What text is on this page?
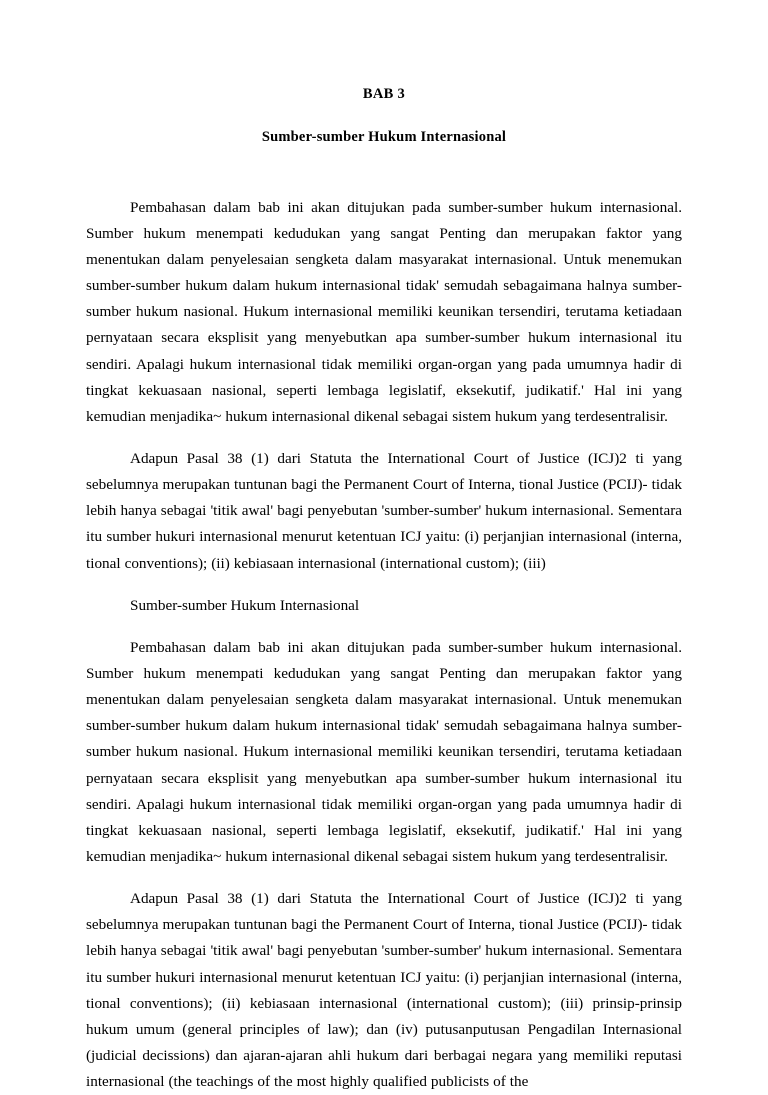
BAB 3
Sumber-sumber Hukum Internasional

Pembahasan dalam bab ini akan ditujukan pada sumber-sumber hukum internasional. Sumber hukum menempati kedudukan yang sangat Penting dan merupakan faktor yang menentukan dalam penyelesaian sengketa dalam masyarakat internasional. Untuk menemukan sumber-sumber hukum dalam hukum internasional tidak' semudah sebagaimana halnya sumber-sumber hukum nasional. Hukum internasional memiliki keunikan tersendiri, terutama ketiadaan pernyataan secara eksplisit yang menyebutkan apa sumber-sumber hukum internasional itu sendiri. Apalagi hukum internasional tidak memiliki organ-organ yang pada umumnya hadir di tingkat kekuasaan nasional, seperti lembaga legislatif, eksekutif, judikatif.' Hal ini yang kemudian menjadika~ hukum internasional dikenal sebagai sistem hukum yang terdesentralisir.

Adapun Pasal 38 (1) dari Statuta the International Court of Justice (ICJ)2 ti yang sebelumnya merupakan tuntunan bagi the Permanent Court of Interna, tional Justice (PCIJ)- tidak lebih hanya sebagai 'titik awal' bagi penyebutan 'sumber-sumber' hukum internasional. Sementara itu sumber hukuri internasional menurut ketentuan ICJ yaitu: (i) perjanjian internasional (interna, tional conventions); (ii) kebiasaan internasional (international custom); (iii)

Sumber-sumber Hukum Internasional

Pembahasan dalam bab ini akan ditujukan pada sumber-sumber hukum internasional. Sumber hukum menempati kedudukan yang sangat Penting dan merupakan faktor yang menentukan dalam penyelesaian sengketa dalam masyarakat internasional. Untuk menemukan sumber-sumber hukum dalam hukum internasional tidak' semudah sebagaimana halnya sumber-sumber hukum nasional. Hukum internasional memiliki keunikan tersendiri, terutama ketiadaan pernyataan secara eksplisit yang menyebutkan apa sumber-sumber hukum internasional itu sendiri. Apalagi hukum internasional tidak memiliki organ-organ yang pada umumnya hadir di tingkat kekuasaan nasional, seperti lembaga legislatif, eksekutif, judikatif.' Hal ini yang kemudian menjadika~ hukum internasional dikenal sebagai sistem hukum yang terdesentralisir.

Adapun Pasal 38 (1) dari Statuta the International Court of Justice (ICJ)2 ti yang sebelumnya merupakan tuntunan bagi the Permanent Court of Interna, tional Justice (PCIJ)- tidak lebih hanya sebagai 'titik awal' bagi penyebutan 'sumber-sumber' hukum internasional. Sementara itu sumber hukuri internasional menurut ketentuan ICJ yaitu: (i) perjanjian internasional (interna, tional conventions); (ii) kebiasaan internasional (international custom); (iii) prinsip-prinsip hukum umum (general principles of law); dan (iv) putusanputusan Pengadilan Internasional (judicial decissions) dan ajaran-ajaran ahli hukum dari berbagai negara yang memiliki reputasi internasional (the teachings of the most highly qualified publicists of the
